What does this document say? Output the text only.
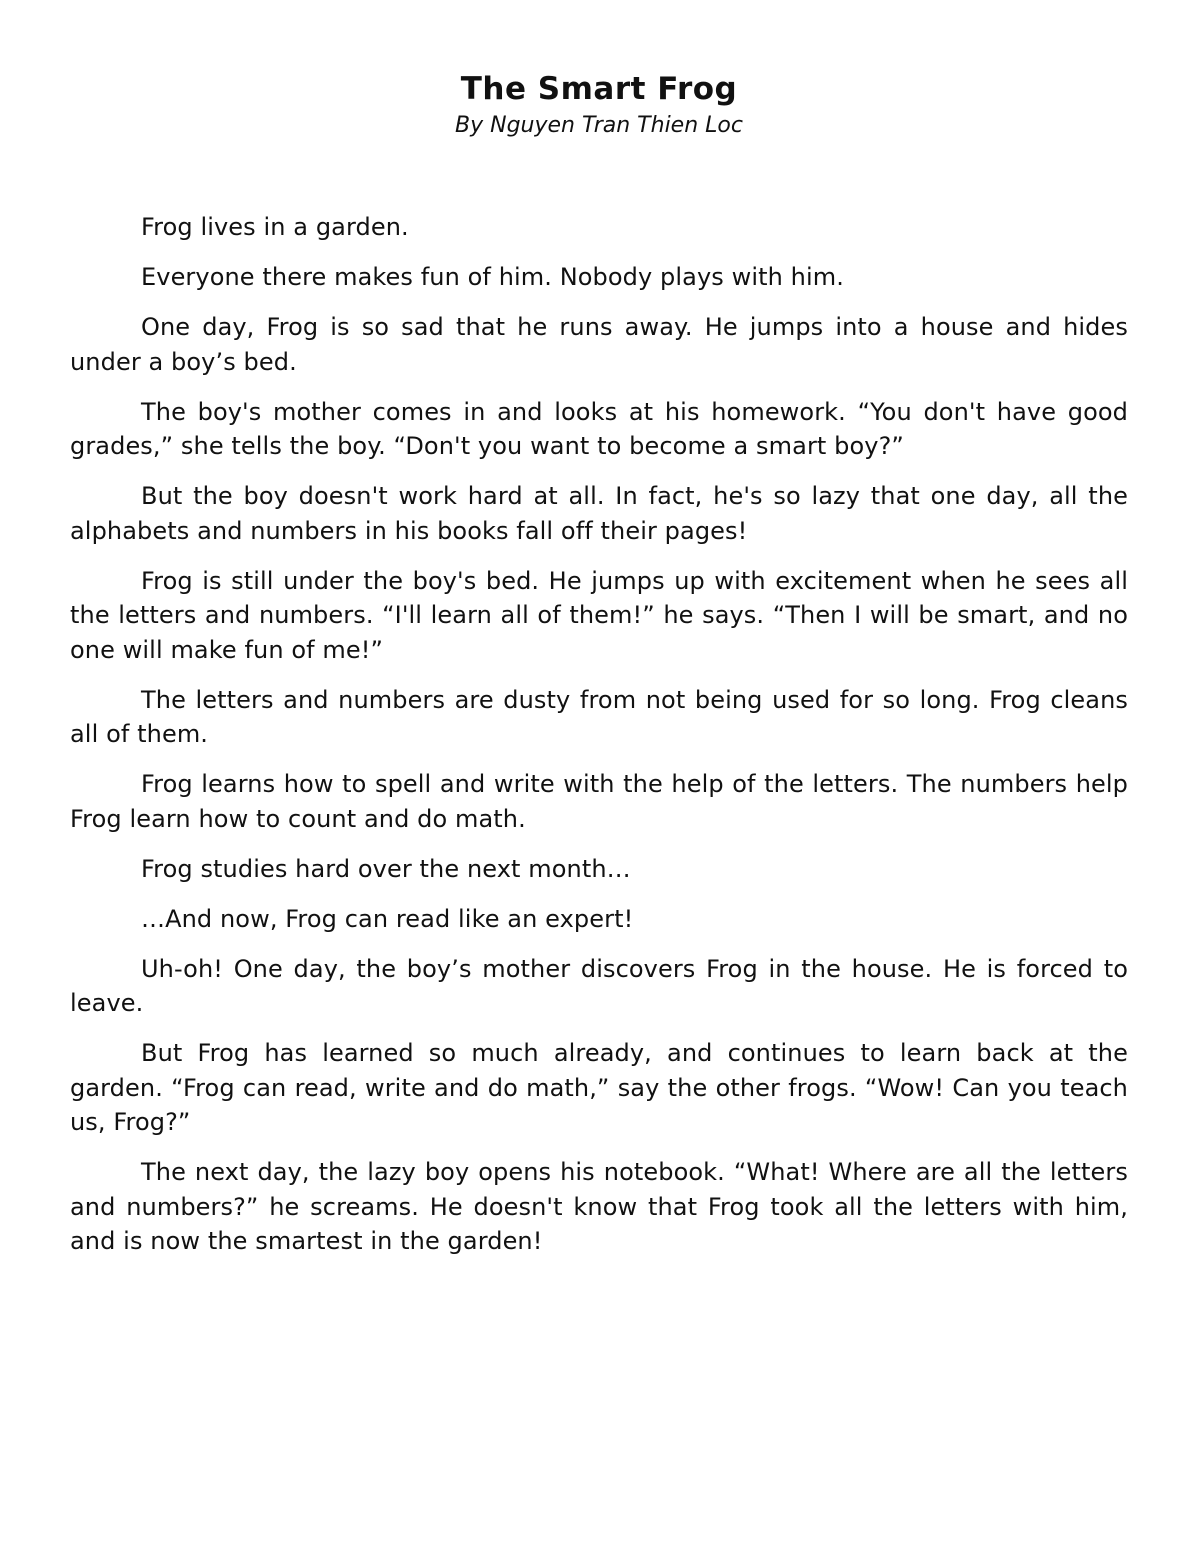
The Smart Frog

By Nguyen Tran Thien Loc

Frog lives in a garden.

Everyone there makes fun of him. Nobody plays with him.

One day, Frog is so sad that he runs away. He jumps into a house and hides under a boy’s bed.

The boy's mother comes in and looks at his homework. “You don't have good grades,” she tells the boy. “Don't you want to become a smart boy?”

But the boy doesn't work hard at all. In fact, he's so lazy that one day, all the alphabets and numbers in his books fall off their pages!

Frog is still under the boy's bed. He jumps up with excitement when he sees all the letters and numbers. “I'll learn all of them!” he says. “Then I will be smart, and no one will make fun of me!”

The letters and numbers are dusty from not being used for so long. Frog cleans all of them.

Frog learns how to spell and write with the help of the letters. The numbers help Frog learn how to count and do math.

Frog studies hard over the next month…

…And now, Frog can read like an expert!

Uh-oh! One day, the boy’s mother discovers Frog in the house. He is forced to leave.

But Frog has learned so much already, and continues to learn back at the garden. “Frog can read, write and do math,” say the other frogs. “Wow! Can you teach us, Frog?”

The next day, the lazy boy opens his notebook. “What! Where are all the letters and numbers?” he screams. He doesn't know that Frog took all the letters with him, and is now the smartest in the garden!
